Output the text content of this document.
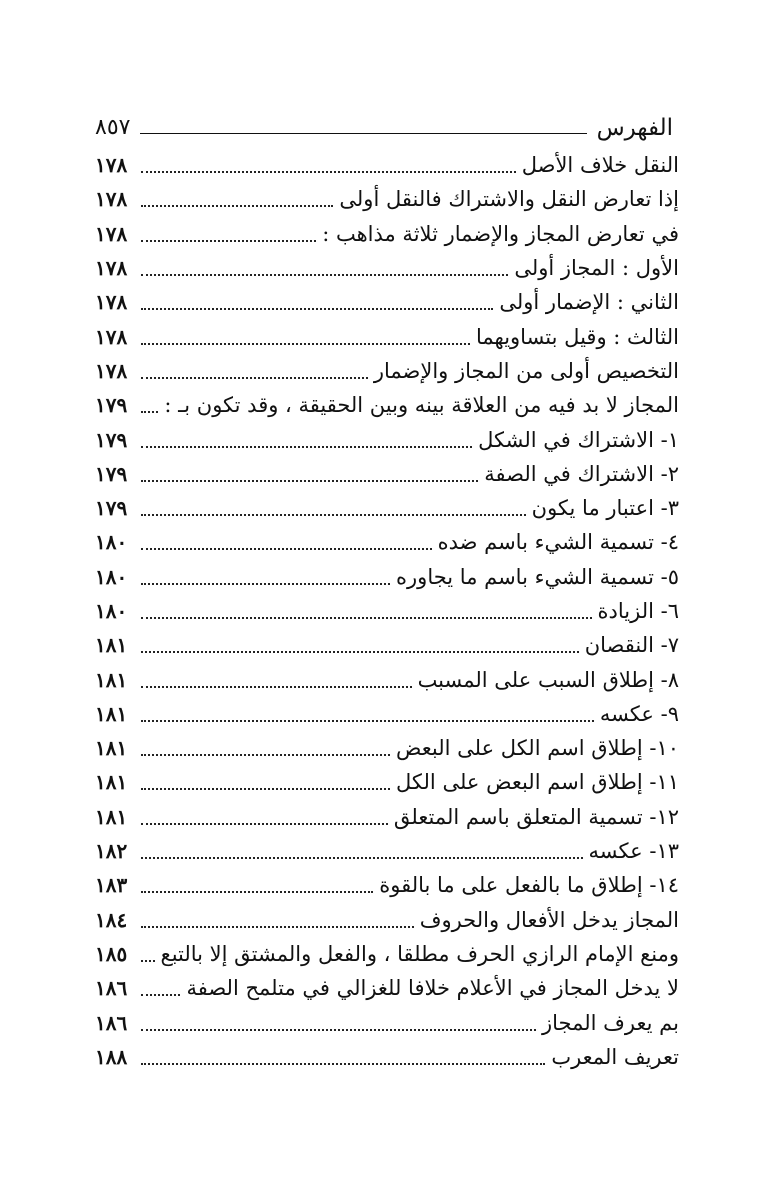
الفهرس
٨٥٧
النقل خلاف الأصل
١٧٨
إذا تعارض النقل والاشتراك فالنقل أولى
١٧٨
في تعارض المجاز والإضمار ثلاثة مذاهب :
١٧٨
الأول : المجاز أولى
١٧٨
الثاني : الإضمار أولى
١٧٨
الثالث : وقيل بتساويهما
١٧٨
التخصيص أولى من المجاز والإضمار
١٧٨
المجاز لا بد فيه من العلاقة بينه وبين الحقيقة ، وقد تكون بـ :
١٧٩
١- الاشتراك في الشكل
١٧٩
٢- الاشتراك في الصفة
١٧٩
٣- اعتبار ما يكون
١٧٩
٤- تسمية الشيء باسم ضده
١٨٠
٥- تسمية الشيء باسم ما يجاوره
١٨٠
٦- الزيادة
١٨٠
٧- النقصان
١٨١
٨- إطلاق السبب على المسبب
١٨١
٩- عكسه
١٨١
١٠- إطلاق اسم الكل على البعض
١٨١
١١- إطلاق اسم البعض على الكل
١٨١
١٢- تسمية المتعلق باسم المتعلق
١٨١
١٣- عكسه
١٨٢
١٤- إطلاق ما بالفعل على ما بالقوة
١٨٣
المجاز يدخل الأفعال والحروف
١٨٤
ومنع الإمام الرازي الحرف مطلقا ، والفعل والمشتق إلا بالتبع
١٨٥
لا يدخل المجاز في الأعلام خلافا للغزالي في متلمح الصفة
١٨٦
بم يعرف المجاز
١٨٦
تعريف المعرب
١٨٨
